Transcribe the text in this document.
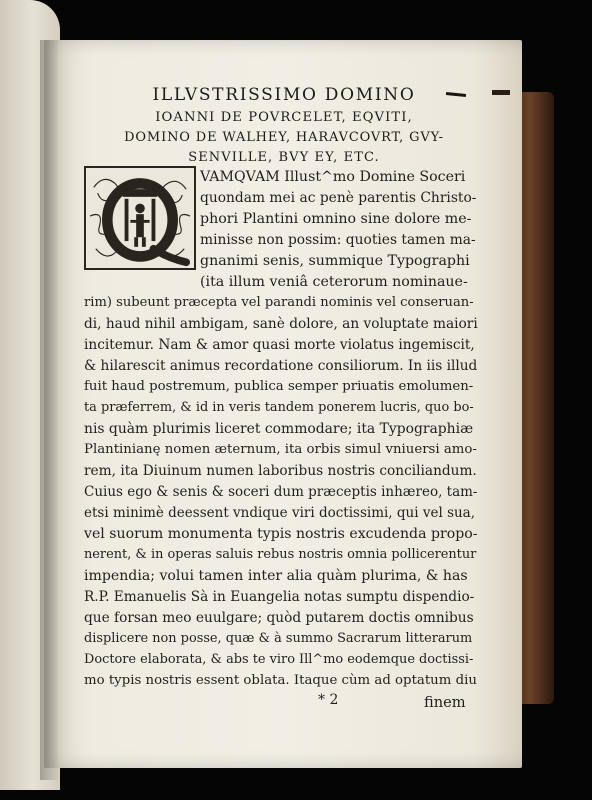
ILLVSTRISSIMO DOMINO
IOANNI DE POVRCELET, EQVITI,
DOMINO DE WALHEY, HARAVCOVRT, GVY-
SENVILLE, BVY EY, ETC.
VAMQVAM Illust^mo Domine Soceri
quondam mei ac penè parentis Christo-
phori Plantini omnino sine dolore me-
minisse non possim: quoties tamen ma-
gnanimi senis, summique Typographi
(ita illum veniâ ceterorum nominaue-
rim) subeunt præcepta vel parandi nominis vel conseruan-
di, haud nihil ambigam, sanè dolore, an voluptate maiori
incitemur. Nam & amor quasi morte violatus ingemiscit,
& hilarescit animus recordatione consiliorum. In iis illud
fuit haud postremum, publica semper priuatis emolumen-
ta præferrem, & id in veris tandem ponerem lucris, quo bo-
nis quàm plurimis liceret commodare; ita Typographiæ
Plantinianę nomen æternum, ita orbis simul vniuersi amo-
rem, ita Diuinum numen laboribus nostris conciliandum.
Cuius ego & senis & soceri dum præceptis inhæreo, tam-
etsi minimè deessent vndique viri doctissimi, qui vel sua,
vel suorum monumenta typis nostris excudenda propo-
nerent, & in operas saluis rebus nostris omnia pollicerentur
impendia; volui tamen inter alia quàm plurima, & has
R.P. Emanuelis Sà in Euangelia notas sumptu dispendio-
que forsan meo euulgare; quòd putarem doctis omnibus
displicere non posse, quæ & à summo Sacrarum litterarum
Doctore elaborata, & abs te viro Ill^mo eodemque doctissi-
mo typis nostris essent oblata. Itaque cùm ad optatum diu
* 2	finem
